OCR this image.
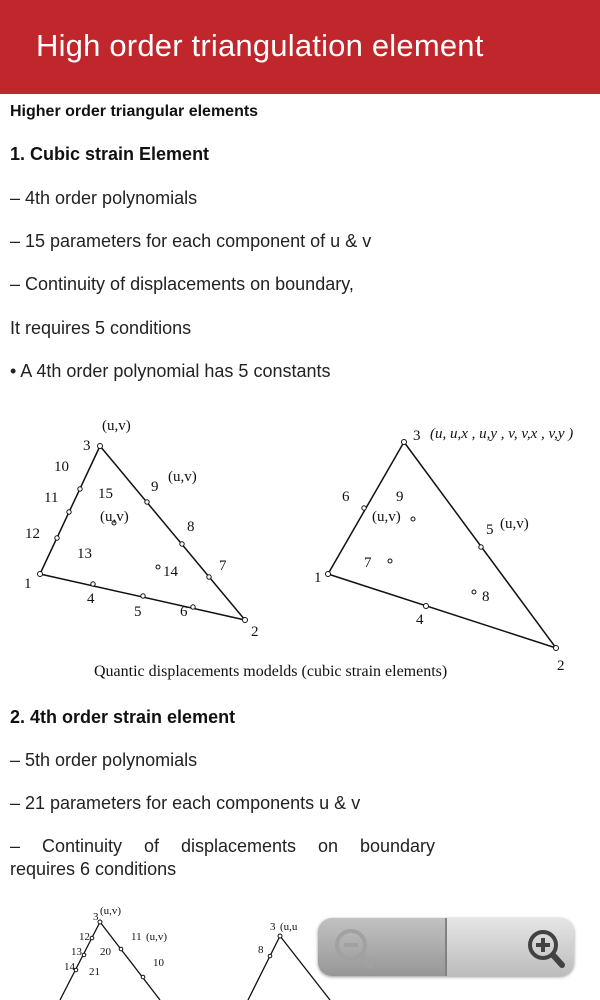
High order triangulation element
Higher order triangular elements
1. Cubic strain Element
– 4th order polynomials
– 15 parameters for each component of u & v
– Continuity of displacements on boundary,
It requires 5 conditions
• A 4th order polynomial has 5 constants
1
2
3
4
5	6
7
8
9
10
11
12
13
14
15
(u,v)
(u,v)
(u,v)
1
2
3
4
5
6
7
8
9
(u, u,x , u,y , v, v,x , v,y )
(u,v)	(u,v)
Quantic displacements modelds (cubic strain elements)
2. 4th order strain element
– 5th order polynomials
– 21 parameters for each components u & v
– Continuity of displacements on boundary
requires 6 conditions
3 (u,v)
12	11 (u,v)
13 20
10
14 21
3 (u,u
8
